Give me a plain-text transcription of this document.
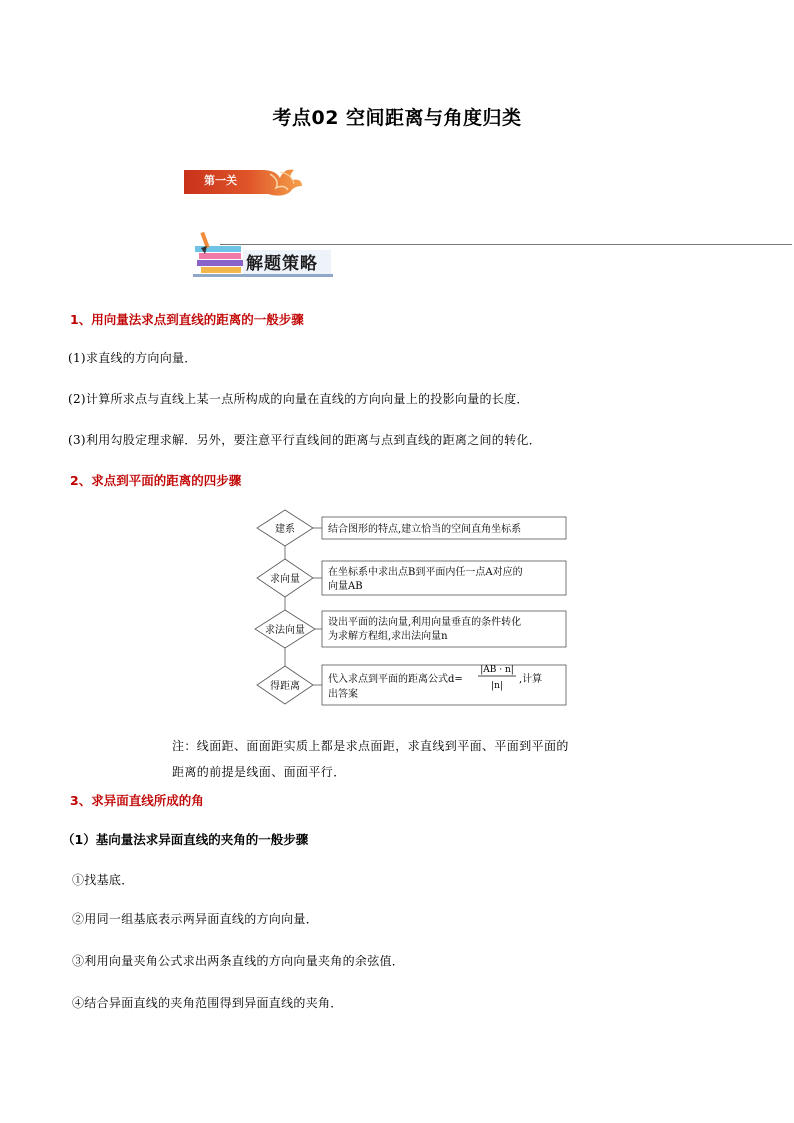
考点02 空间距离与角度归类
第一关
解题策略
1、用向量法求点到直线的距离的一般步骤
(1)求直线的方向向量．
(2)计算所求点与直线上某一点所构成的向量在直线的方向向量上的投影向量的长度．
(3)利用勾股定理求解．另外，要注意平行直线间的距离与点到直线的距离之间的转化．
2、求点到平面的距离的四步骤
建系
求向量
求法向量
得距离
结合图形的特点,建立恰当的空间直角坐标系
在坐标系中求出点B到平面内任一点A对应的
向量AB
设出平面的法向量,利用向量垂直的条件转化
为求解方程组,求出法向量n
代入求点到平面的距离公式d=
|AB · n|
|n|
,计算
出答案
注：线面距、面面距实质上都是求点面距，求直线到平面、平面到平面的
距离的前提是线面、面面平行．
3、求异面直线所成的角
（1）基向量法求异面直线的夹角的一般步骤
①找基底．
②用同一组基底表示两异面直线的方向向量．
③利用向量夹角公式求出两条直线的方向向量夹角的余弦值．
④结合异面直线的夹角范围得到异面直线的夹角．
